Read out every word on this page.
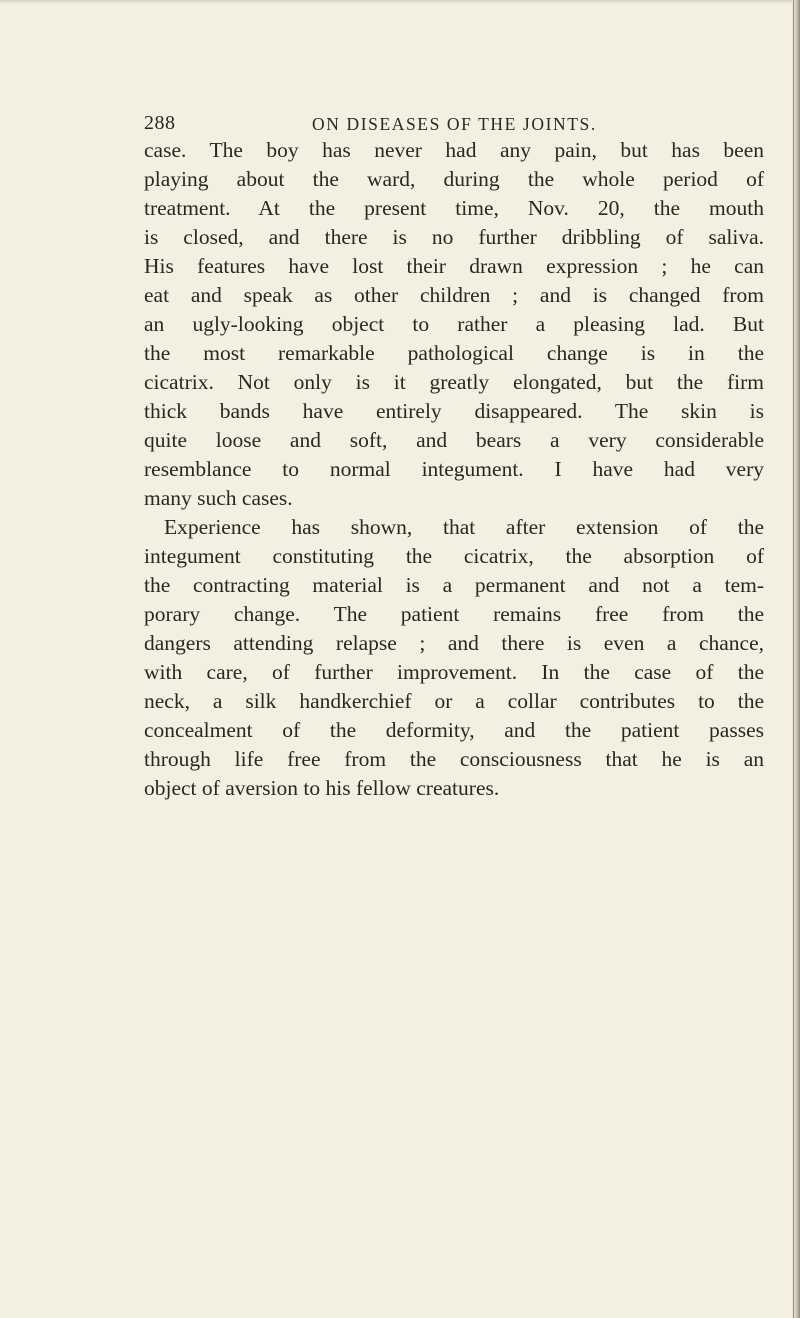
288	ON DISEASES OF THE JOINTS.
case. The boy has never had any pain, but has been
playing about the ward, during the whole period of
treatment. At the present time, Nov. 20, the mouth
is closed, and there is no further dribbling of saliva.
His features have lost their drawn expression ; he can
eat and speak as other children ; and is changed from
an ugly-looking object to rather a pleasing lad. But
the most remarkable pathological change is in the
cicatrix. Not only is it greatly elongated, but the firm
thick bands have entirely disappeared. The skin is
quite loose and soft, and bears a very considerable
resemblance to normal integument. I have had very
many such cases.
Experience has shown, that after extension of the
integument constituting the cicatrix, the absorption of
the contracting material is a permanent and not a tem-
porary change. The patient remains free from the
dangers attending relapse ; and there is even a chance,
with care, of further improvement. In the case of the
neck, a silk handkerchief or a collar contributes to the
concealment of the deformity, and the patient passes
through life free from the consciousness that he is an
object of aversion to his fellow creatures.
